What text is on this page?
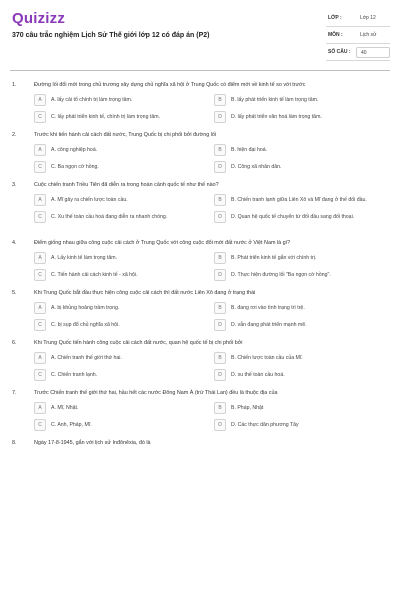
Quizizz
370 câu trắc nghiệm Lịch Sử Thế giới lớp 12 có đáp án (P2)
LỚP :	Lớp 12
MÔN :	Lịch sử
SỐ CÂU :	40
1.	Đường lối đổi mới trong chủ trương xây dựng chủ nghĩa xã hội ở Trung Quốc có điểm mới về kinh tế so với trước
A	A. lấy cải tổ chính trị làm trọng tâm.	B	B. lấy phát triển kinh tế làm trọng tâm.
C	C. lấy phát triển kinh tế, chính trị làm trọng tâm.	D	D. lấy phát triển văn hoá làm trọng tâm.
2.	Trước khi tiến hành cải cách đất nước, Trung Quốc bị chi phối bởi đường lối
A	A. công nghiệp hoá.	B	B. hiện đại hoá.
C	C. Ba ngọn cờ hồng.	D	D. Công xã nhân dân.
3.	Cuộc chiến tranh Triều Tiên đã diễn ra trong hoàn cảnh quốc tế như thế nào?
A	A. Mĩ gây ra chiến lược toàn cầu.	B	B. Chiến tranh lạnh giữa Liên Xô và Mĩ đang ở thế đối đầu.
C	C. Xu thế toàn cầu hoá đang diễn ra nhanh chóng.	D	D. Quan hệ quốc tế chuyển từ đối đầu sang đối thoại.
4.	Điểm giống nhau giữa công cuộc cải cách ở Trung Quốc với công cuộc đổi mới đất nước ở Việt Nam là gì?
A	A. Lấy kinh tế làm trọng tâm.	B	B. Phát triển kinh tế gắn với chính trị.
C	C. Tiến hành cải cách kinh tế - xã hội.	D	D. Thực hiện đường lối "Ba ngọn cờ hồng".
5.	Khi Trung Quốc bắt đầu thực hiện công cuộc cải cách thì đất nước Liên Xô đang ở trạng thái
A	A. bị khủng hoảng trầm trọng.	B	B. đang rơi vào tình trạng trì trệ.
C	C. bị sụp đổ chủ nghĩa xã hội.	D	D. vẫn đang phát triển mạnh mẽ.
6.	Khi Trung Quốc tiến hành công cuộc cải cách đất nước, quan hệ quốc tế bị chi phối bởi
A	A. Chiến tranh thế giới thứ hai.	B	B. Chiến lược toàn cầu của Mĩ.
C	C. Chiến tranh lạnh.	D	D. xu thế toàn cầu hoá.
7.	Trước Chiến tranh thế giới thứ hai, hầu hết các nước Đông Nam Á (trừ Thái Lan) đều là thuộc địa của
A	A. Mĩ, Nhật.	B	B. Pháp, Nhật
C	C. Anh, Pháp, Mĩ.	D	D. Các thực dân phương Tây
8.	Ngày 17-8-1945, gắn với lịch sử Inđônêxia, đó là
